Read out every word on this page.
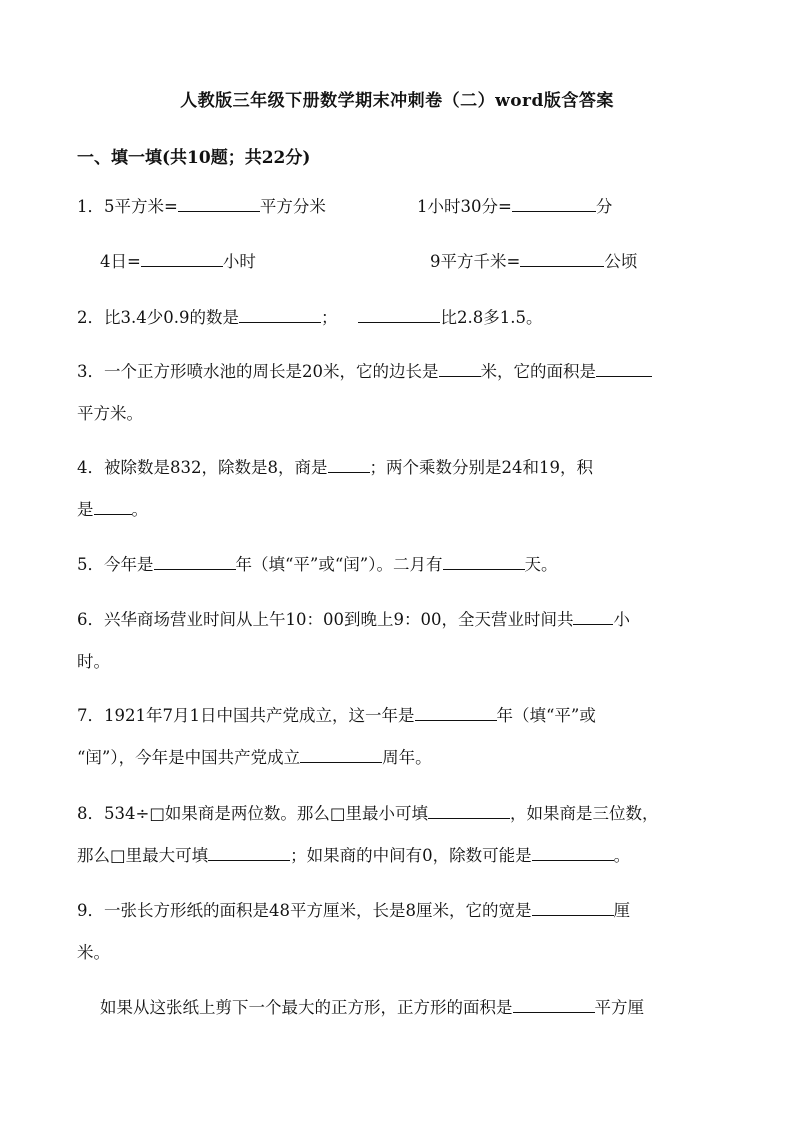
人教版三年级下册数学期末冲刺卷（二）word版含答案
一、填一填(共10题；共22分)
1．5平方米=	平方分米	1小时30分=	分
4日=	小时	9平方千米=	公顷
2．比3.4少0.9的数是	；	比2.8多1.5。
3．一个正方形喷水池的周长是20米，它的边长是	米，它的面积是
平方米。
4．被除数是832，除数是8，商是	；两个乘数分别是24和19，积
是 。
5．今年是	年（填“平”或“闰”）。二月有	天。
6．兴华商场营业时间从上午10：00到晚上9：00，全天营业时间共 小
时。
7．1921年7月1日中国共产党成立，这一年是	年（填“平”或
“闰”），今年是中国共产党成立	周年。
8．534÷□如果商是两位数。那么□里最小可填	，如果商是三位数，
那么□里最大可填	；如果商的中间有0，除数可能是	。
9．一张长方形纸的面积是48平方厘米，长是8厘米，它的宽是	厘
米。
如果从这张纸上剪下一个最大的正方形，正方形的面积是	平方厘
